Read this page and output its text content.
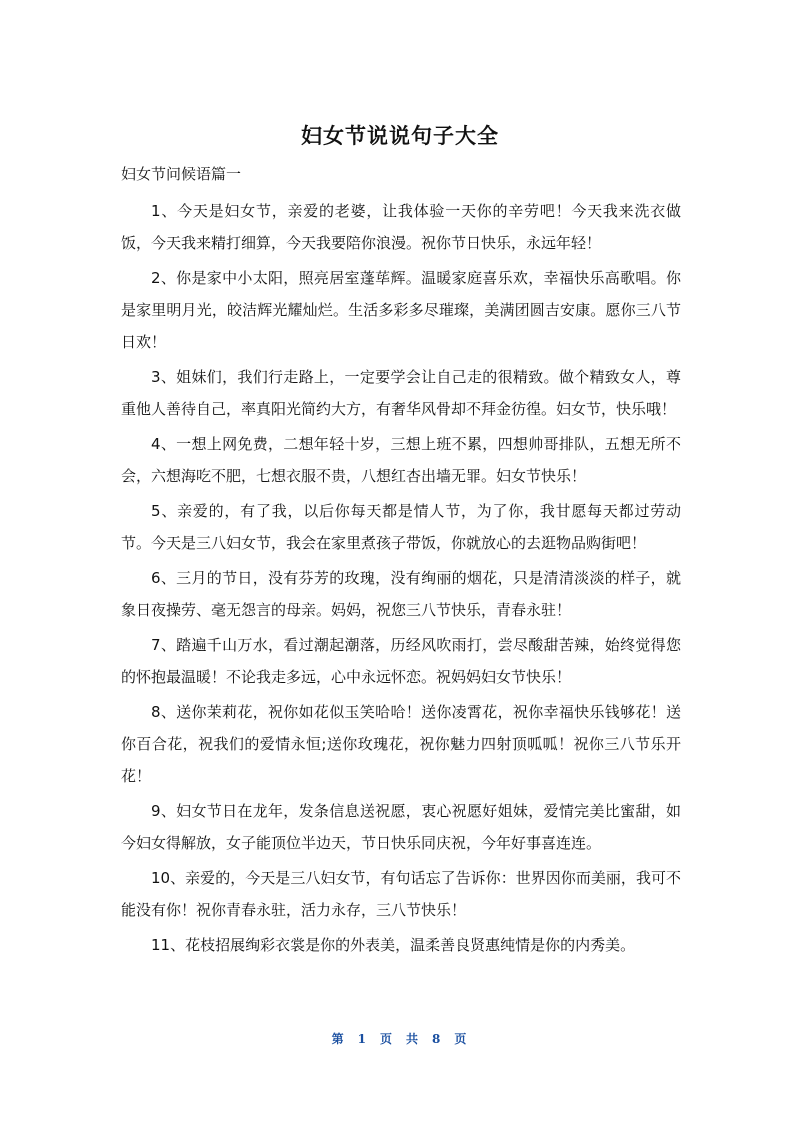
妇女节说说句子大全

妇女节问候语篇一

1、今天是妇女节，亲爱的老婆，让我体验一天你的辛劳吧！今天我来洗衣做饭，今天我来精打细算，今天我要陪你浪漫。祝你节日快乐，永远年轻！

2、你是家中小太阳，照亮居室蓬荜辉。温暖家庭喜乐欢，幸福快乐高歌唱。你是家里明月光，皎洁辉光耀灿烂。生活多彩多尽璀璨，美满团圆吉安康。愿你三八节日欢！

3、姐妹们，我们行走路上，一定要学会让自己走的很精致。做个精致女人，尊重他人善待自己，率真阳光简约大方，有奢华风骨却不拜金彷徨。妇女节，快乐哦！

4、一想上网免费，二想年轻十岁，三想上班不累，四想帅哥排队，五想无所不会，六想海吃不肥，七想衣服不贵，八想红杏出墙无罪。妇女节快乐！

5、亲爱的，有了我，以后你每天都是情人节，为了你，我甘愿每天都过劳动节。今天是三八妇女节，我会在家里煮孩子带饭，你就放心的去逛物品购街吧！

6、三月的节日，没有芬芳的玫瑰，没有绚丽的烟花，只是清清淡淡的样子，就象日夜操劳、毫无怨言的母亲。妈妈，祝您三八节快乐，青春永驻！

7、踏遍千山万水，看过潮起潮落，历经风吹雨打，尝尽酸甜苦辣，始终觉得您的怀抱最温暖！不论我走多远，心中永远怀恋。祝妈妈妇女节快乐！

8、送你茉莉花，祝你如花似玉笑哈哈！送你凌霄花，祝你幸福快乐钱够花！送你百合花，祝我们的爱情永恒;送你玫瑰花，祝你魅力四射顶呱呱！祝你三八节乐开花！

9、妇女节日在龙年，发条信息送祝愿，衷心祝愿好姐妹，爱情完美比蜜甜，如今妇女得解放，女子能顶位半边天，节日快乐同庆祝，今年好事喜连连。

10、亲爱的，今天是三八妇女节，有句话忘了告诉你：世界因你而美丽，我可不能没有你！祝你青春永驻，活力永存，三八节快乐！

11、花枝招展绚彩衣裳是你的外表美，温柔善良贤惠纯情是你的内秀美。

第 1 页 共 8 页
